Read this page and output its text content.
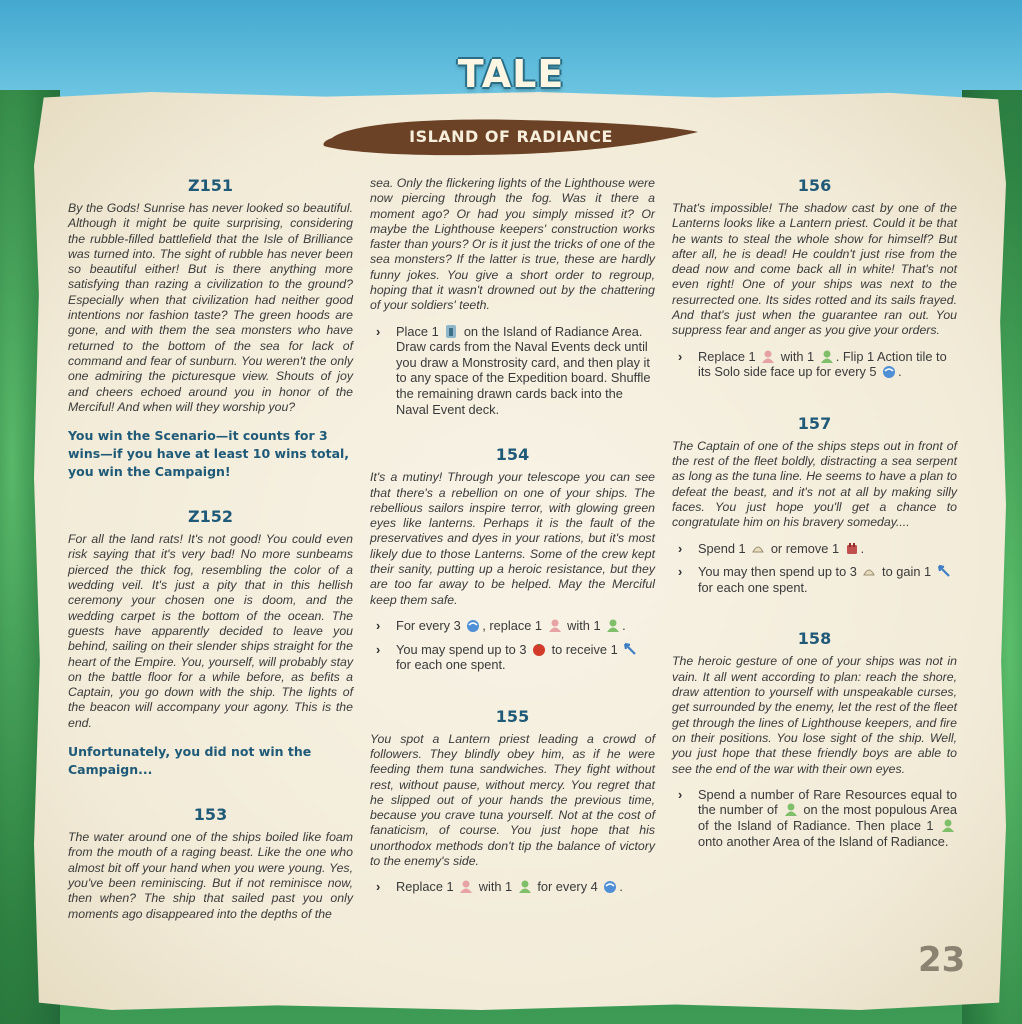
TALE
ISLAND OF RADIANCE

Z151

By the Gods! Sunrise has never looked so beautiful. Although it might be quite surprising, considering the rubble-filled battlefield that the Isle of Brilliance was turned into. The sight of rubble has never been so beautiful either! But is there anything more satisfying than razing a civilization to the ground? Especially when that civilization had neither good intentions nor fashion taste? The green hoods are gone, and with them the sea monsters who have returned to the bottom of the sea for lack of command and fear of sunburn. You weren't the only one admiring the picturesque view. Shouts of joy and cheers echoed around you in honor of the Merciful! And when will they worship you?

You win the Scenario—it counts for 3 wins—if you have at least 10 wins total, you win the Campaign!

Z152

For all the land rats! It's not good! You could even risk saying that it's very bad! No more sunbeams pierced the thick fog, resembling the color of a wedding veil. It's just a pity that in this hellish ceremony your chosen one is doom, and the wedding carpet is the bottom of the ocean. The guests have apparently decided to leave you behind, sailing on their slender ships straight for the heart of the Empire. You, yourself, will probably stay on the battle floor for a while before, as befits a Captain, you go down with the ship. The lights of the beacon will accompany your agony. This is the end.

Unfortunately, you did not win the Campaign...

153

The water around one of the ships boiled like foam from the mouth of a raging beast. Like the one who almost bit off your hand when you were young. Yes, you've been reminiscing. But if not reminisce now, then when? The ship that sailed past you only moments ago disappeared into the depths of the

sea. Only the flickering lights of the Lighthouse were now piercing through the fog. Was it there a moment ago? Or had you simply missed it? Or maybe the Lighthouse keepers' construction works faster than yours? Or is it just the tricks of one of the sea monsters? If the latter is true, these are hardly funny jokes. You give a short order to regroup, hoping that it wasn't drowned out by the chattering of your soldiers' teeth.

› Place 1 on the Island of Radiance Area. Draw cards from the Naval Events deck until you draw a Monstrosity card, and then play it to any space of the Expedition board. Shuffle the remaining drawn cards back into the Naval Event deck.

154

It's a mutiny! Through your telescope you can see that there's a rebellion on one of your ships. The rebellious sailors inspire terror, with glowing green eyes like lanterns. Perhaps it is the fault of the preservatives and dyes in your rations, but it's most likely due to those Lanterns. Some of the crew kept their sanity, putting up a heroic resistance, but they are too far away to be helped. May the Merciful keep them safe.

› For every 3 , replace 1 with 1 .
› You may spend up to 3 to receive 1  for each one spent.

155

You spot a Lantern priest leading a crowd of followers. They blindly obey him, as if he were feeding them tuna sandwiches. They fight without rest, without pause, without mercy. You regret that he slipped out of your hands the previous time, because you crave tuna yourself. Not at the cost of fanaticism, of course. You just hope that his unorthodox methods don't tip the balance of victory to the enemy's side.

› Replace 1 with 1 for every 4 .

156

That's impossible! The shadow cast by one of the Lanterns looks like a Lantern priest. Could it be that he wants to steal the whole show for himself? But after all, he is dead! He couldn't just rise from the dead now and come back all in white! That's not even right! One of your ships was next to the resurrected one. Its sides rotted and its sails frayed. And that's just when the guarantee ran out. You suppress fear and anger as you give your orders.

› Replace 1 with 1 . Flip 1 Action tile to its Solo side face up for every 5 .

157

The Captain of one of the ships steps out in front of the rest of the fleet boldly, distracting a sea serpent as long as the tuna line. He seems to have a plan to defeat the beast, and it's not at all by making silly faces. You just hope you'll get a chance to congratulate him on his bravery someday....

› Spend 1 or remove 1 .
› You may then spend up to 3 to gain 1  for each one spent.

158

The heroic gesture of one of your ships was not in vain. It all went according to plan: reach the shore, draw attention to yourself with unspeakable curses, get surrounded by the enemy, let the rest of the fleet get through the lines of Lighthouse keepers, and fire on their positions. You lose sight of the ship. Well, you just hope that these friendly boys are able to see the end of the war with their own eyes.

› Spend a number of Rare Resources equal to the number of on the most populous Area of the Island of Radiance. Then place 1  onto another Area of the Island of Radiance.
23
